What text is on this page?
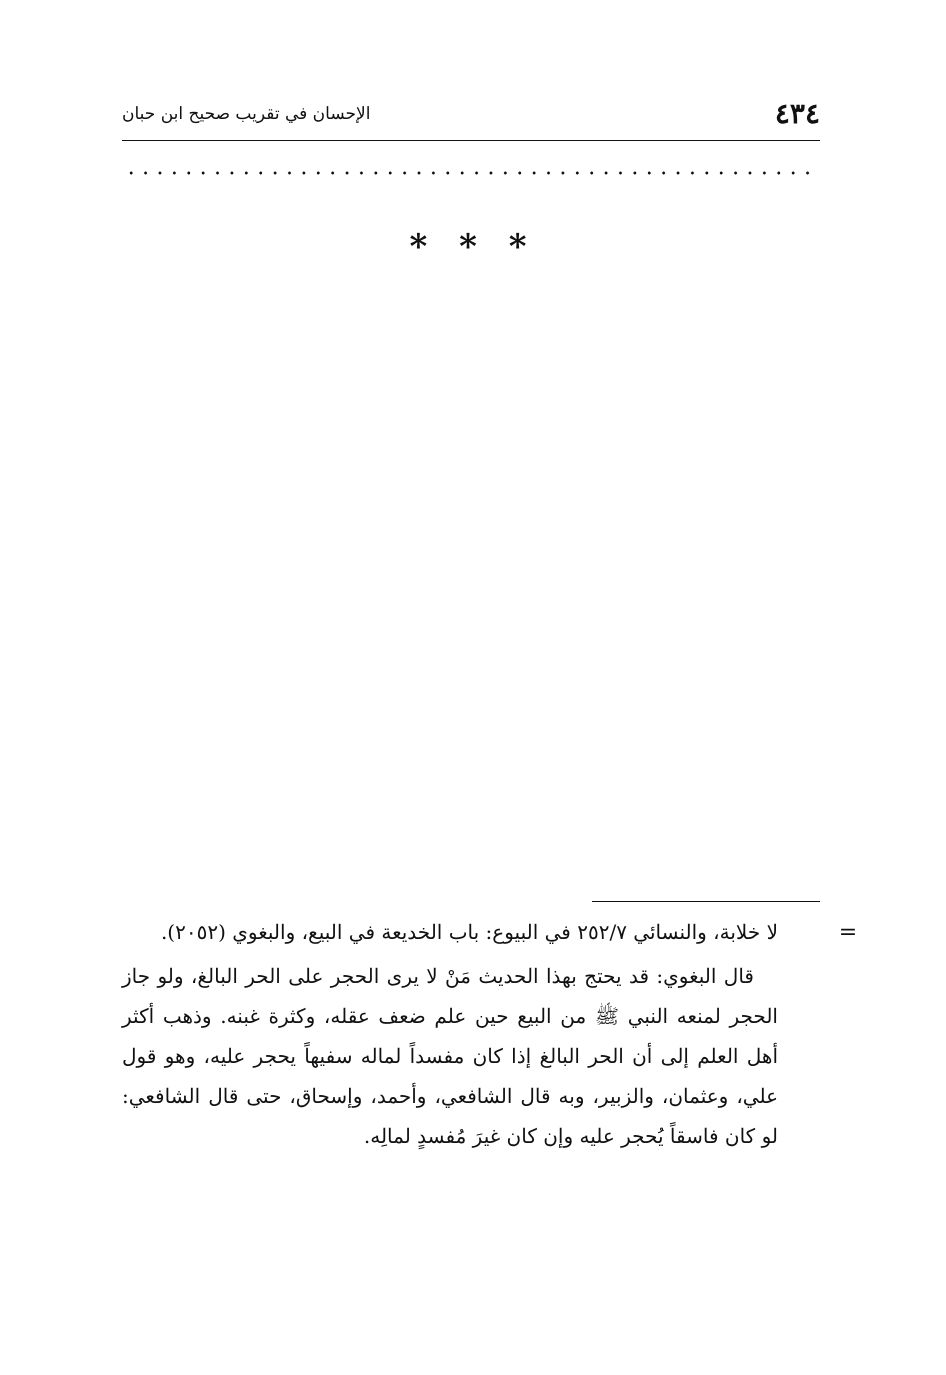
٤٣٤
الإحسان في تقريب صحيح ابن حبان
* * *
=

لا خلابة، والنسائي ٢٥٢/٧ في البيوع: باب الخديعة في البيع، والبغوي (٢٠٥٢).

قال البغوي: قد يحتج بهذا الحديث مَنْ لا يرى الحجر على الحر البالغ، ولو جاز الحجر لمنعه النبي ﷺ من البيع حين علم ضعف عقله، وكثرة غبنه. وذهب أكثر أهل العلم إلى أن الحر البالغ إذا كان مفسداً لماله سفيهاً يحجر عليه، وهو قول علي، وعثمان، والزبير، وبه قال الشافعي، وأحمد، وإسحاق، حتى قال الشافعي: لو كان فاسقاً يُحجر عليه وإن كان غيرَ مُفسدٍ لمالِه.
